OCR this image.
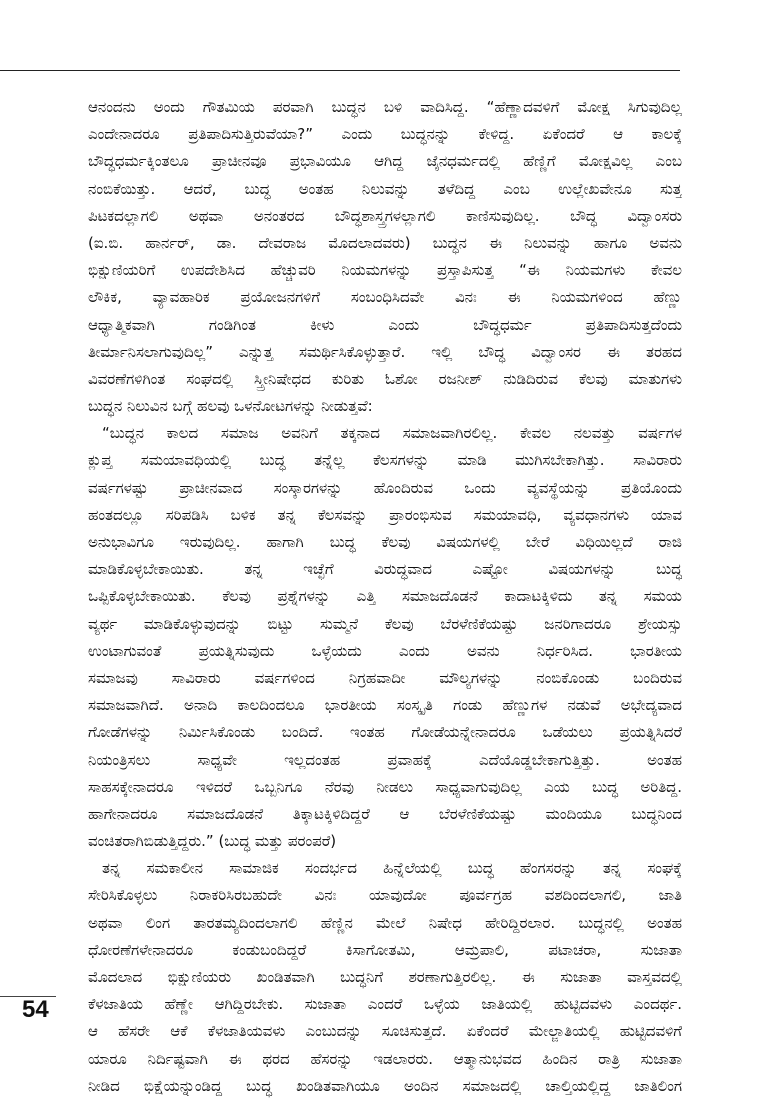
ಆನಂದನು ಅಂದು ಗೌತಮಿಯ ಪರವಾಗಿ ಬುದ್ಧನ ಬಳಿ ವಾದಿಸಿದ್ದ. “ಹೆಣ್ಣಾದವಳಿಗೆ ಮೋಕ್ಷ ಸಿಗುವುದಿಲ್ಲ
ಎಂದೇನಾದರೂ ಪ್ರತಿಪಾದಿಸುತ್ತಿರುವೆಯಾ?” ಎಂದು ಬುದ್ಧನನ್ನು ಕೇಳಿದ್ದ. ಏಕೆಂದರೆ ಆ ಕಾಲಕ್ಕೆ
ಬೌದ್ಧಧರ್ಮಕ್ಕಿಂತಲೂ ಪ್ರಾಚೀನವೂ ಪ್ರಭಾವಿಯೂ ಆಗಿದ್ದ ಜೈನಧರ್ಮದಲ್ಲಿ ಹೆಣ್ಣಿಗೆ ಮೋಕ್ಷವಿಲ್ಲ ಎಂಬ
ನಂಬಿಕೆಯಿತ್ತು. ಆದರೆ, ಬುದ್ಧ ಅಂತಹ ನಿಲುವನ್ನು ತಳೆದಿದ್ದ ಎಂಬ ಉಲ್ಲೇಖವೇನೂ ಸುತ್ತ
ಪಿಟಕದಲ್ಲಾಗಲಿ ಅಥವಾ ಅನಂತರದ ಬೌದ್ಧಶಾಸ್ತ್ರಗಳಲ್ಲಾಗಲಿ ಕಾಣಿಸುವುದಿಲ್ಲ. ಬೌದ್ಧ ವಿದ್ವಾಂಸರು
(ಐ.ಬಿ. ಹಾರ್ನರ್, ಡಾ. ದೇವರಾಜ ಮೊದಲಾದವರು) ಬುದ್ಧನ ಈ ನಿಲುವನ್ನು ಹಾಗೂ ಅವನು
ಭಿಕ್ಷುಣಿಯರಿಗೆ ಉಪದೇಶಿಸಿದ ಹೆಚ್ಚುವರಿ ನಿಯಮಗಳನ್ನು ಪ್ರಸ್ತಾಪಿಸುತ್ತ “ಈ ನಿಯಮಗಳು ಕೇವಲ
ಲೌಕಿಕ, ವ್ಯಾವಹಾರಿಕ ಪ್ರಯೋಜನಗಳಿಗೆ ಸಂಬಂಧಿಸಿದವೇ ವಿನಃ ಈ ನಿಯಮಗಳಿಂದ ಹೆಣ್ಣು
ಆಧ್ಯಾತ್ಮಿಕವಾಗಿ ಗಂಡಿಗಿಂತ ಕೀಳು ಎಂದು ಬೌದ್ಧಧರ್ಮ ಪ್ರತಿಪಾದಿಸುತ್ತದೆಂದು
ತೀರ್ಮಾನಿಸಲಾಗುವುದಿಲ್ಲ” ಎನ್ನುತ್ತ ಸಮರ್ಥಿಸಿಕೊಳ್ಳುತ್ತಾರೆ. ಇಲ್ಲಿ ಬೌದ್ಧ ವಿದ್ವಾಂಸರ ಈ ತರಹದ
ವಿವರಣೆಗಳಿಗಿಂತ ಸಂಘದಲ್ಲಿ ಸ್ತ್ರೀನಿಷೇಧದ ಕುರಿತು ಓಶೋ ರಜನೀಶ್ ನುಡಿದಿರುವ ಕೆಲವು ಮಾತುಗಳು
ಬುದ್ಧನ ನಿಲುವಿನ ಬಗ್ಗೆ ಹಲವು ಒಳನೋಟಗಳನ್ನು ನೀಡುತ್ತವೆ:

“ಬುದ್ಧನ ಕಾಲದ ಸಮಾಜ ಅವನಿಗೆ ತಕ್ಕನಾದ ಸಮಾಜವಾಗಿರಲಿಲ್ಲ. ಕೇವಲ ನಲವತ್ತು ವರ್ಷಗಳ
ಕ್ಲುಪ್ತ ಸಮಯಾವಧಿಯಲ್ಲಿ ಬುದ್ಧ ತನ್ನೆಲ್ಲ ಕೆಲಸಗಳನ್ನು ಮಾಡಿ ಮುಗಿಸಬೇಕಾಗಿತ್ತು. ಸಾವಿರಾರು
ವರ್ಷಗಳಷ್ಟು ಪ್ರಾಚೀನವಾದ ಸಂಸ್ಕಾರಗಳನ್ನು ಹೊಂದಿರುವ ಒಂದು ವ್ಯವಸ್ಥೆಯನ್ನು ಪ್ರತಿಯೊಂದು
ಹಂತದಲ್ಲೂ ಸರಿಪಡಿಸಿ ಬಳಿಕ ತನ್ನ ಕೆಲಸವನ್ನು ಪ್ರಾರಂಭಿಸುವ ಸಮಯಾವಧಿ, ವ್ಯವಧಾನಗಳು ಯಾವ
ಅನುಭಾವಿಗೂ ಇರುವುದಿಲ್ಲ. ಹಾಗಾಗಿ ಬುದ್ಧ ಕೆಲವು ವಿಷಯಗಳಲ್ಲಿ ಬೇರೆ ವಿಧಿಯಿಲ್ಲದೆ ರಾಜಿ
ಮಾಡಿಕೊಳ್ಳಬೇಕಾಯಿತು. ತನ್ನ ಇಚ್ಛೆಗೆ ವಿರುದ್ಧವಾದ ಎಷ್ಟೋ ವಿಷಯಗಳನ್ನು ಬುದ್ಧ
ಒಪ್ಪಿಕೊಳ್ಳಬೇಕಾಯಿತು. ಕೆಲವು ಪ್ರಶ್ನೆಗಳನ್ನು ಎತ್ತಿ ಸಮಾಜದೊಡನೆ ಕಾದಾಟಕ್ಕಿಳಿದು ತನ್ನ ಸಮಯ
ವ್ಯರ್ಥ ಮಾಡಿಕೊಳ್ಳುವುದನ್ನು ಬಿಟ್ಟು ಸುಮ್ಮನೆ ಕೆಲವು ಬೆರಳೆಣಿಕೆಯಷ್ಟು ಜನರಿಗಾದರೂ ಶ್ರೇಯಸ್ಸು
ಉಂಟಾಗುವಂತೆ ಪ್ರಯತ್ನಿಸುವುದು ಒಳ್ಳೆಯದು ಎಂದು ಅವನು ನಿರ್ಧರಿಸಿದ. ಭಾರತೀಯ
ಸಮಾಜವು ಸಾವಿರಾರು ವರ್ಷಗಳಿಂದ ನಿಗ್ರಹವಾದೀ ಮೌಲ್ಯಗಳನ್ನು ನಂಬಿಕೊಂಡು ಬಂದಿರುವ
ಸಮಾಜವಾಗಿದೆ. ಅನಾದಿ ಕಾಲದಿಂದಲೂ ಭಾರತೀಯ ಸಂಸ್ಕೃತಿ ಗಂಡು ಹೆಣ್ಣುಗಳ ನಡುವೆ ಅಭೇದ್ಯವಾದ
ಗೋಡೆಗಳನ್ನು ನಿರ್ಮಿಸಿಕೊಂಡು ಬಂದಿದೆ. ಇಂತಹ ಗೋಡೆಯನ್ನೇನಾದರೂ ಒಡೆಯಲು ಪ್ರಯತ್ನಿಸಿದರೆ
ನಿಯಂತ್ರಿಸಲು ಸಾಧ್ಯವೇ ಇಲ್ಲದಂತಹ ಪ್ರವಾಹಕ್ಕೆ ಎದೆಯೊಡ್ಡಬೇಕಾಗುತ್ತಿತ್ತು. ಅಂತಹ
ಸಾಹಸಕ್ಕೇನಾದರೂ ಇಳಿದರೆ ಒಬ್ಬನಿಗೂ ನೆರವು ನೀಡಲು ಸಾಧ್ಯವಾಗುವುದಿಲ್ಲ ಎಯ ಬುದ್ಧ ಅರಿತಿದ್ದ.
ಹಾಗೇನಾದರೂ ಸಮಾಜದೊಡನೆ ತಿಕ್ಕಾಟಕ್ಕಿಳಿದಿದ್ದರೆ ಆ ಬೆರಳೆಣಿಕೆಯಷ್ಟು ಮಂದಿಯೂ ಬುದ್ಧನಿಂದ
ವಂಚಿತರಾಗಿಬಿಡುತ್ತಿದ್ದರು.” (ಬುದ್ಧ ಮತ್ತು ಪರಂಪರೆ)

ತನ್ನ ಸಮಕಾಲೀನ ಸಾಮಾಜಿಕ ಸಂದರ್ಭದ ಹಿನ್ನೆಲೆಯಲ್ಲಿ ಬುದ್ಧ ಹೆಂಗಸರನ್ನು ತನ್ನ ಸಂಘಕ್ಕೆ
ಸೇರಿಸಿಕೊಳ್ಳಲು ನಿರಾಕರಿಸಿರಬಹುದೇ ವಿನಃ ಯಾವುದೋ ಪೂರ್ವಗ್ರಹ ವಶದಿಂದಲಾಗಲಿ, ಜಾತಿ
ಅಥವಾ ಲಿಂಗ ತಾರತಮ್ಯದಿಂದಲಾಗಲಿ ಹೆಣ್ಣಿನ ಮೇಲೆ ನಿಷೇಧ ಹೇರಿದ್ದಿರಲಾರ. ಬುದ್ಧನಲ್ಲಿ ಅಂತಹ
ಧೋರಣೆಗಳೇನಾದರೂ ಕಂಡುಬಂದಿದ್ದರೆ ಕಿಸಾಗೋತಮಿ, ಆಮ್ರಪಾಲಿ, ಪಟಾಚರಾ, ಸುಜಾತಾ
ಮೊದಲಾದ ಭಿಕ್ಷುಣಿಯರು ಖಂಡಿತವಾಗಿ ಬುದ್ಧನಿಗೆ ಶರಣಾಗುತ್ತಿರಲಿಲ್ಲ. ಈ ಸುಜಾತಾ ವಾಸ್ತವದಲ್ಲಿ
ಕೆಳಜಾತಿಯ ಹೆಣ್ಣೇ ಆಗಿದ್ದಿರಬೇಕು. ಸುಜಾತಾ ಎಂದರೆ ಒಳ್ಳೆಯ ಜಾತಿಯಲ್ಲಿ ಹುಟ್ಟಿದವಳು ಎಂದರ್ಥ.
ಆ ಹೆಸರೇ ಆಕೆ ಕೆಳಜಾತಿಯವಳು ಎಂಬುದನ್ನು ಸೂಚಿಸುತ್ತದೆ. ಏಕೆಂದರೆ ಮೇಲ್ಜಾತಿಯಲ್ಲಿ ಹುಟ್ಟಿದವಳಿಗೆ
ಯಾರೂ ನಿರ್ದಿಷ್ಟವಾಗಿ ಈ ಥರದ ಹೆಸರನ್ನು ಇಡಲಾರರು. ಆತ್ಮಾನುಭವದ ಹಿಂದಿನ ರಾತ್ರಿ ಸುಜಾತಾ
ನೀಡಿದ ಭಿಕ್ಷೆಯನ್ನುಂಡಿದ್ದ ಬುದ್ಧ ಖಂಡಿತವಾಗಿಯೂ ಅಂದಿನ ಸಮಾಜದಲ್ಲಿ ಚಾಲ್ತಿಯಲ್ಲಿದ್ದ ಜಾತಿಲಿಂಗ

54
